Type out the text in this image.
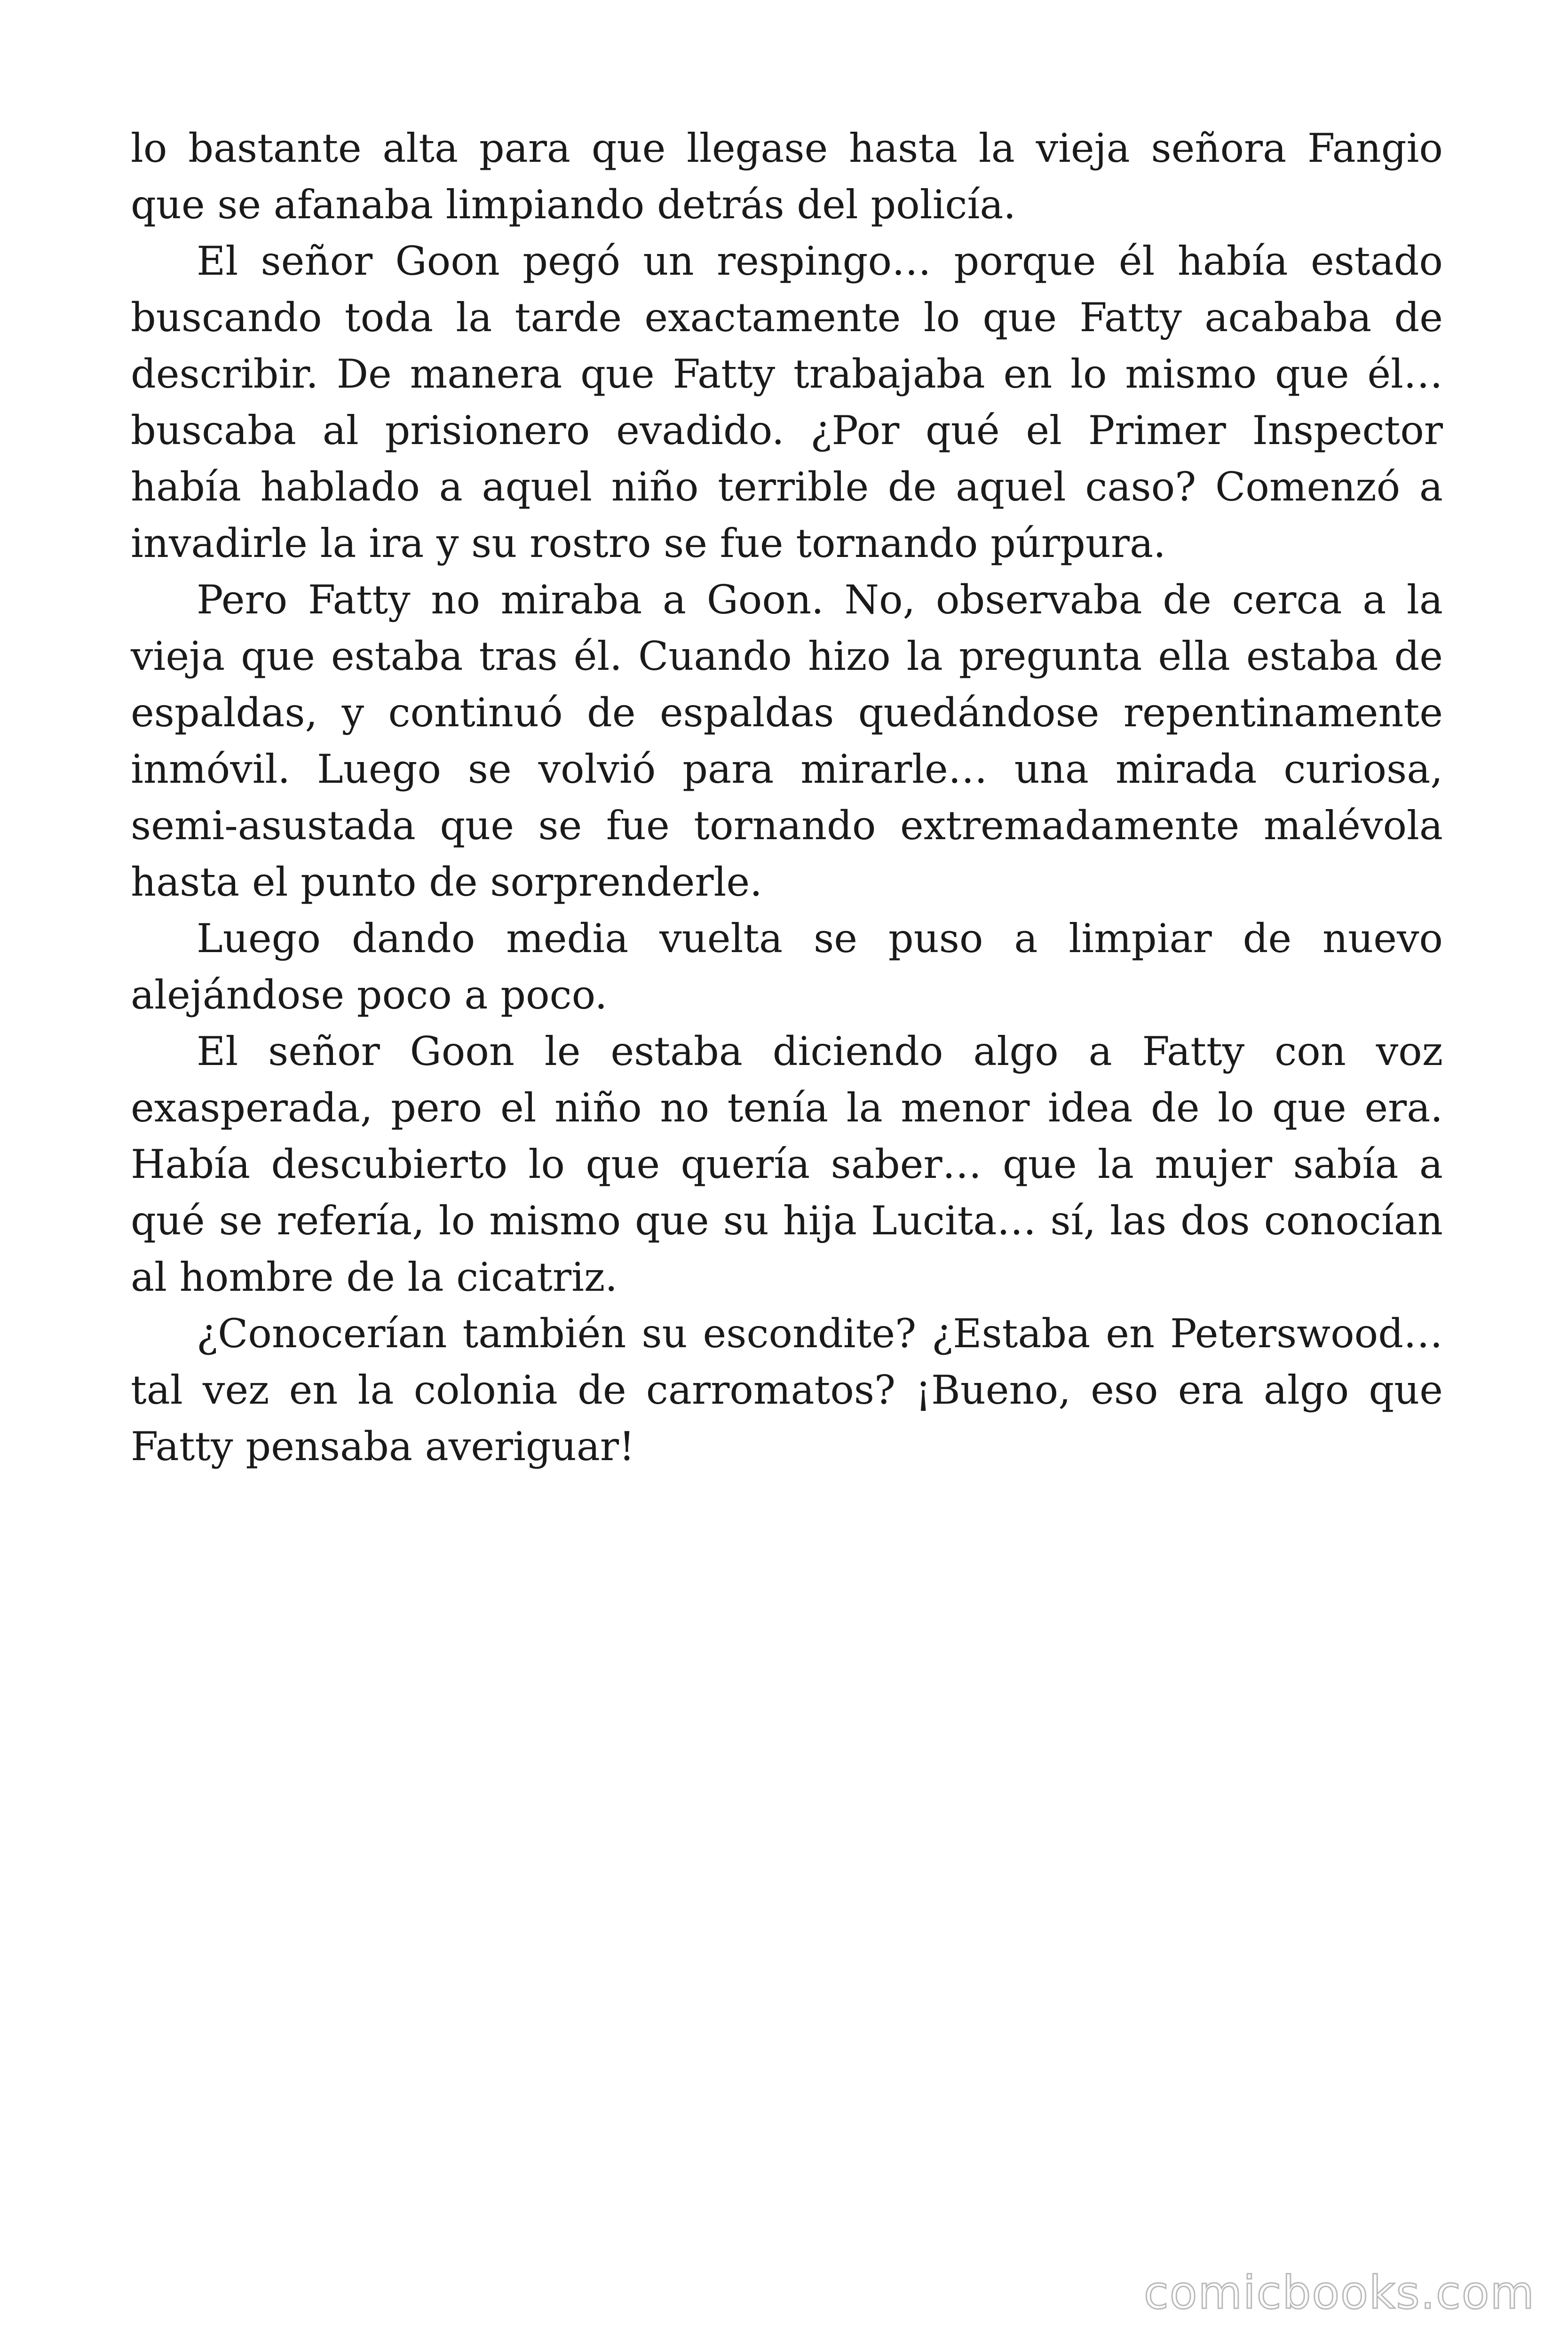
lo bastante alta para que llegase hasta la vieja señora Fangio que se afanaba limpiando detrás del policía.

El señor Goon pegó un respingo… porque él había estado buscando toda la tarde exactamente lo que Fatty acababa de describir. De manera que Fatty trabajaba en lo mismo que él… buscaba al prisionero evadido. ¿Por qué el Primer Inspector había hablado a aquel niño terrible de aquel caso? Comenzó a invadirle la ira y su rostro se fue tornando púrpura.

Pero Fatty no miraba a Goon. No, observaba de cerca a la vieja que estaba tras él. Cuando hizo la pregunta ella estaba de espaldas, y continuó de espaldas quedándose repentinamente inmóvil. Luego se volvió para mirarle… una mirada curiosa, semi-asustada que se fue tornando extremadamente malévola hasta el punto de sorprenderle.

Luego dando media vuelta se puso a limpiar de nuevo alejándose poco a poco.

El señor Goon le estaba diciendo algo a Fatty con voz exasperada, pero el niño no tenía la menor idea de lo que era. Había descubierto lo que quería saber… que la mujer sabía a qué se refería, lo mismo que su hija Lucita… sí, las dos conocían al hombre de la cicatriz.

¿Conocerían también su escondite? ¿Estaba en Peterswood… tal vez en la colonia de carromatos? ¡Bueno, eso era algo que Fatty pensaba averiguar!

comicbooks.com
